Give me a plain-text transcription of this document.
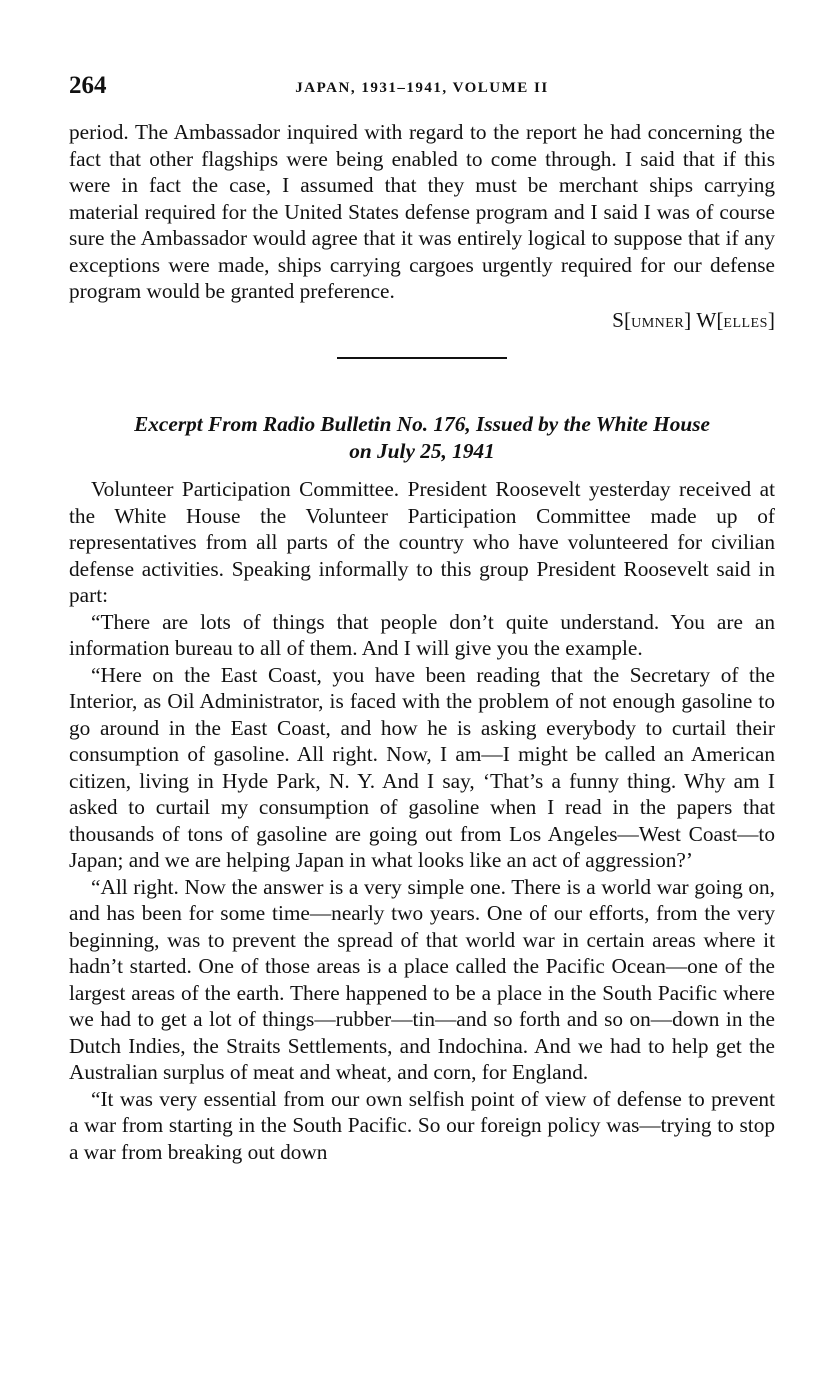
264	JAPAN, 1931–1941, VOLUME II

period. The Ambassador inquired with regard to the report he had concerning the fact that other flagships were being enabled to come through. I said that if this were in fact the case, I assumed that they must be merchant ships carrying material required for the United States defense program and I said I was of course sure the Ambassador would agree that it was entirely logical to suppose that if any exceptions were made, ships carrying cargoes urgently required for our defense program would be granted preference.

S[UMNER] W[ELLES]

Excerpt From Radio Bulletin No. 176, Issued by the White House
on July 25, 1941

Volunteer Participation Committee. President Roosevelt yesterday received at the White House the Volunteer Participation Committee made up of representatives from all parts of the country who have volunteered for civilian defense activities. Speaking informally to this group President Roosevelt said in part:

“There are lots of things that people don’t quite understand. You are an information bureau to all of them. And I will give you the example.

“Here on the East Coast, you have been reading that the Secretary of the Interior, as Oil Administrator, is faced with the problem of not enough gasoline to go around in the East Coast, and how he is asking everybody to curtail their consumption of gasoline. All right. Now, I am—I might be called an American citizen, living in Hyde Park, N. Y. And I say, ‘That’s a funny thing. Why am I asked to curtail my consumption of gasoline when I read in the papers that thousands of tons of gasoline are going out from Los Angeles—West Coast—to Japan; and we are helping Japan in what looks like an act of aggression?’

“All right. Now the answer is a very simple one. There is a world war going on, and has been for some time—nearly two years. One of our efforts, from the very beginning, was to prevent the spread of that world war in certain areas where it hadn’t started. One of those areas is a place called the Pacific Ocean—one of the largest areas of the earth. There happened to be a place in the South Pacific where we had to get a lot of things—rubber—tin—and so forth and so on—down in the Dutch Indies, the Straits Settlements, and Indochina. And we had to help get the Australian surplus of meat and wheat, and corn, for England.

“It was very essential from our own selfish point of view of defense to prevent a war from starting in the South Pacific. So our foreign policy was—trying to stop a war from breaking out down
